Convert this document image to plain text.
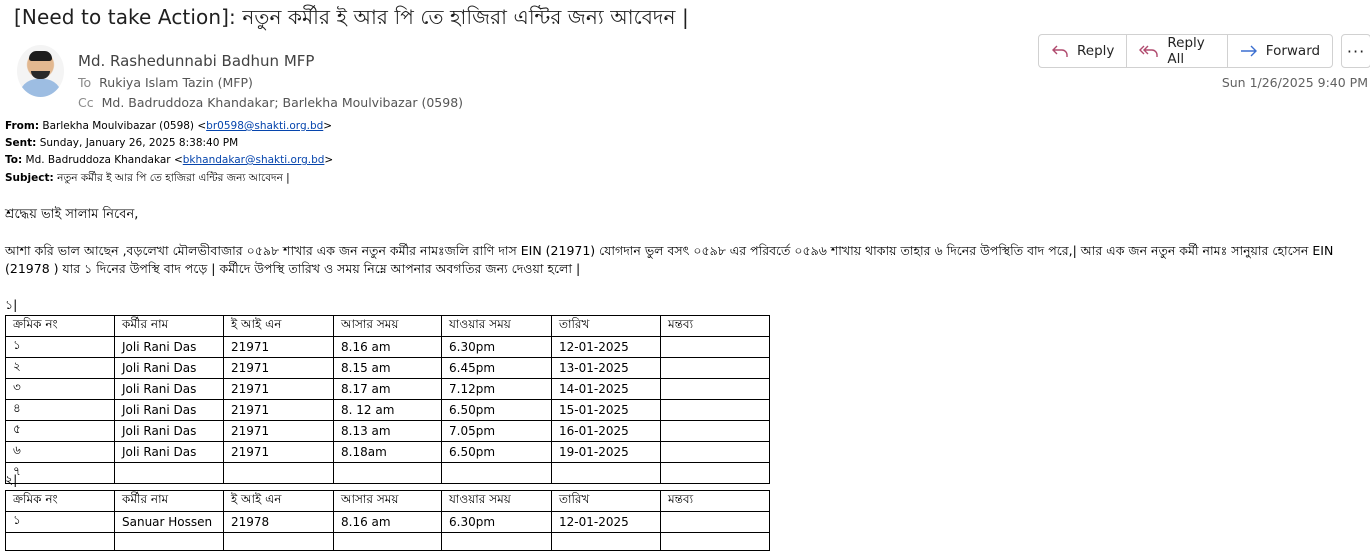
[Need to take Action]: নতুন কর্মীর ই আর পি তে হাজিরা এন্টির জন্য আবেদন |
Md. Rashedunnabi Badhun MFP
To Rukiya Islam Tazin (MFP)
Cc Md. Badruddoza Khandakar; Barlekha Moulvibazar (0598)
Reply	Reply All	Forward ···
Sun 1/26/2025 9:40 PM
From: Barlekha Moulvibazar (0598) <br0598@shakti.org.bd>
Sent: Sunday, January 26, 2025 8:38:40 PM
To: Md. Badruddoza Khandakar <bkhandakar@shakti.org.bd>
Subject: নতুন কর্মীর ই আর পি তে হাজিরা এন্টির জন্য আবেদন |
শ্রদ্ধেয় ভাই সালাম নিবেন,
আশা করি ভাল আছেন ,বড়লেখা মৌলভীবাজার ০৫৯৮ শাখার এক জন নতুন কর্মীর নামঃজলি রাণি দাস EIN (21971) যোগদান ভুল বসৎ ০৫৯৮ এর পরিবর্তে ০৫৯৬ শাখায় থাকায় তাহার ৬ দিনের উপস্থিতি বাদ পরে,| আর এক জন নতুন কর্মী নামঃ সানুয়ার হোসেন EIN (21978 ) যার ১ দিনের উপস্থি বাদ পড়ে | কর্মীদে উপস্থি তারিখ ও সময় নিম্নে আপনার অবগতির জন্য দেওয়া হলো |
১|
ক্রমিক নং	কর্মীর নাম	ই আই এন	আসার সময়	যাওয়ার সময়	তারিখ	মন্তব্য
১	Joli Rani Das	21971	8.16 am	6.30pm	12-01-2025	
২	Joli Rani Das	21971	8.15 am	6.45pm	13-01-2025	
৩	Joli Rani Das	21971	8.17 am	7.12pm	14-01-2025	
৪	Joli Rani Das	21971	8. 12 am	6.50pm	15-01-2025	
৫	Joli Rani Das	21971	8.13 am	7.05pm	16-01-2025	
৬	Joli Rani Das	21971	8.18am	6.50pm	19-01-2025	
৭						
২|
ক্রমিক নং	কর্মীর নাম	ই আই এন	আসার সময়	যাওয়ার সময়	তারিখ	মন্তব্য
১	Sanuar Hossen	21978	8.16 am	6.30pm	12-01-2025	
